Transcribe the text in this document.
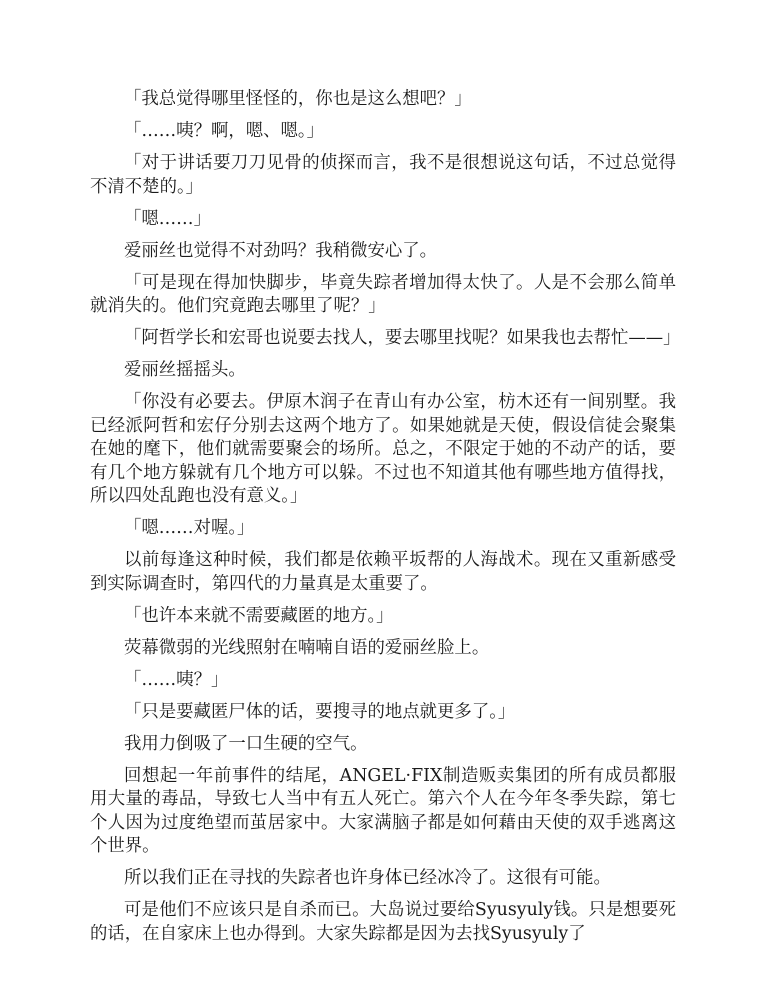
「我总觉得哪里怪怪的，你也是这么想吧？」

「……咦？啊，嗯、嗯。」

「对于讲话要刀刀见骨的侦探而言，我不是很想说这句话，不过总觉得不清不楚的。」

「嗯……」

爱丽丝也觉得不对劲吗？我稍微安心了。

「可是现在得加快脚步，毕竟失踪者增加得太快了。人是不会那么简单就消失的。他们究竟跑去哪里了呢？」

「阿哲学长和宏哥也说要去找人，要去哪里找呢？如果我也去帮忙——」

爱丽丝摇摇头。

「你没有必要去。伊原木润子在青山有办公室，枋木还有一间别墅。我已经派阿哲和宏仔分别去这两个地方了。如果她就是天使，假设信徒会聚集在她的麾下，他们就需要聚会的场所。总之，不限定于她的不动产的话，要有几个地方躲就有几个地方可以躲。不过也不知道其他有哪些地方值得找，所以四处乱跑也没有意义。」

「嗯……对喔。」

以前每逢这种时候，我们都是依赖平坂帮的人海战术。现在又重新感受到实际调查时，第四代的力量真是太重要了。

「也许本来就不需要藏匿的地方。」

荧幕微弱的光线照射在喃喃自语的爱丽丝脸上。

「……咦？」

「只是要藏匿尸体的话，要搜寻的地点就更多了。」

我用力倒吸了一口生硬的空气。

回想起一年前事件的结尾，ANGEL·FIX制造贩卖集团的所有成员都服用大量的毒品，导致七人当中有五人死亡。第六个人在今年冬季失踪，第七个人因为过度绝望而茧居家中。大家满脑子都是如何藉由天使的双手逃离这个世界。

所以我们正在寻找的失踪者也许身体已经冰冷了。这很有可能。

可是他们不应该只是自杀而已。大岛说过要给Syusyuly钱。只是想要死的话，在自家床上也办得到。大家失踪都是因为去找Syusyuly了
